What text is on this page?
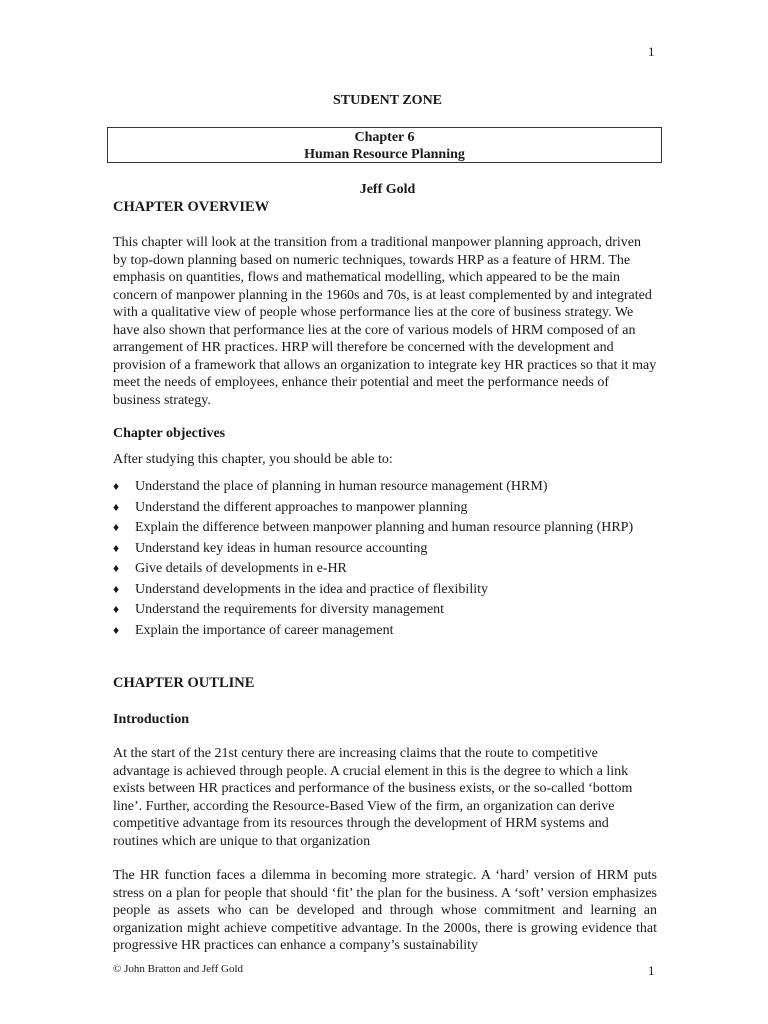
1
STUDENT ZONE
Chapter 6
Human Resource Planning
Jeff Gold
CHAPTER OVERVIEW
This chapter will look at the transition from a traditional manpower planning approach, driven by top-down planning based on numeric techniques, towards HRP as a feature of HRM. The emphasis on quantities, flows and mathematical modelling, which appeared to be the main concern of manpower planning in the 1960s and 70s, is at least complemented by and integrated with a qualitative view of people whose performance lies at the core of business strategy. We have also shown that performance lies at the core of various models of HRM composed of an arrangement of HR practices. HRP will therefore be concerned with the development and provision of a framework that allows an organization to integrate key HR practices so that it may meet the needs of employees, enhance their potential and meet the performance needs of business strategy.
Chapter objectives
After studying this chapter, you should be able to:
♦ Understand the place of planning in human resource management (HRM)
♦ Understand the different approaches to manpower planning
♦ Explain the difference between manpower planning and human resource planning (HRP)
♦ Understand key ideas in human resource accounting
♦ Give details of developments in e-HR
♦ Understand developments in the idea and practice of flexibility
♦ Understand the requirements for diversity management
♦ Explain the importance of career management
CHAPTER OUTLINE
Introduction
At the start of the 21st century there are increasing claims that the route to competitive advantage is achieved through people. A crucial element in this is the degree to which a link exists between HR practices and performance of the business exists, or the so-called ‘bottom line’. Further, according the Resource-Based View of the firm, an organization can derive competitive advantage from its resources through the development of HRM systems and routines which are unique to that organization
The HR function faces a dilemma in becoming more strategic. A ‘hard’ version of HRM puts stress on a plan for people that should ‘fit’ the plan for the business. A ‘soft’ version emphasizes people as assets who can be developed and through whose commitment and learning an organization might achieve competitive advantage. In the 2000s, there is growing evidence that progressive HR practices can enhance a company’s sustainability
© John Bratton and Jeff Gold	1
